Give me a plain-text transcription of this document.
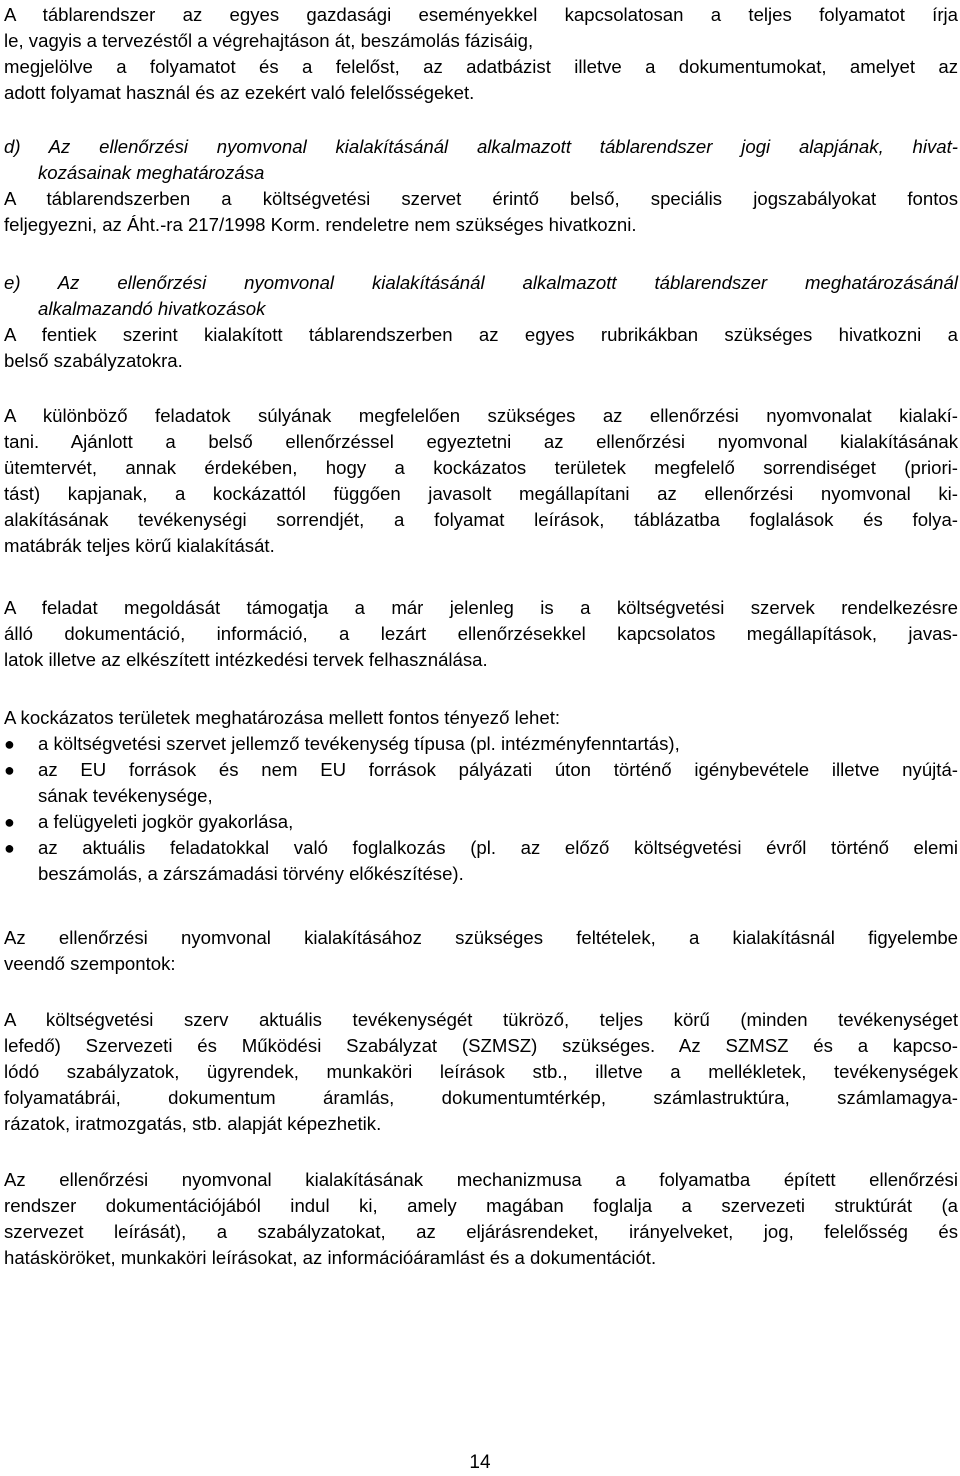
A táblarendszer az egyes gazdasági eseményekkel kapcsolatosan a teljes folyamatot írja
le, vagyis a tervezéstől a végrehajtáson át, beszámolás fázisáig,
megjelölve a folyamatot és a felelőst, az adatbázist illetve a dokumentumokat, amelyet az
adott folyamat használ és az ezekért való felelősségeket.
d) Az ellenőrzési nyomvonal kialakításánál alkalmazott táblarendszer jogi alapjának, hivat-
kozásainak meghatározása
A táblarendszerben a költségvetési szervet érintő belső, speciális jogszabályokat fontos
feljegyezni, az Áht.-ra 217/1998 Korm. rendeletre nem szükséges hivatkozni.
e) Az ellenőrzési nyomvonal kialakításánál alkalmazott táblarendszer meghatározásánál
alkalmazandó hivatkozások
A fentiek szerint kialakított táblarendszerben az egyes rubrikákban szükséges hivatkozni a
belső szabályzatokra.
A különböző feladatok súlyának megfelelően szükséges az ellenőrzési nyomvonalat kialakí-
tani. Ajánlott a belső ellenőrzéssel egyeztetni az ellenőrzési nyomvonal kialakításának
ütemtervét, annak érdekében, hogy a kockázatos területek megfelelő sorrendiséget (priori-
tást) kapjanak, a kockázattól függően javasolt megállapítani az ellenőrzési nyomvonal ki-
alakításának tevékenységi sorrendjét, a folyamat leírások, táblázatba foglalások és folya-
matábrák teljes körű kialakítását.
A feladat megoldását támogatja a már jelenleg is a költségvetési szervek rendelkezésre
álló dokumentáció, információ, a lezárt ellenőrzésekkel kapcsolatos megállapítások, javas-
latok illetve az elkészített intézkedési tervek felhasználása.
A kockázatos területek meghatározása mellett fontos tényező lehet:
●	a költségvetési szervet jellemző tevékenység típusa (pl. intézményfenntartás),
●	az EU források és nem EU források pályázati úton történő igénybevétele illetve nyújtá-
sának tevékenysége,
●	a felügyeleti jogkör gyakorlása,
●	az aktuális feladatokkal való foglalkozás (pl. az előző költségvetési évről történő elemi
beszámolás, a zárszámadási törvény előkészítése).
Az ellenőrzési nyomvonal kialakításához szükséges feltételek, a kialakításnál figyelembe
veendő szempontok:
A költségvetési szerv aktuális tevékenységét tükröző, teljes körű (minden tevékenységet
lefedő) Szervezeti és Működési Szabályzat (SZMSZ) szükséges. Az SZMSZ és a kapcso-
lódó szabályzatok, ügyrendek, munkaköri leírások stb., illetve a mellékletek, tevékenységek
folyamatábrái, dokumentum áramlás, dokumentumtérkép, számlastruktúra, számlamagya-
rázatok, iratmozgatás, stb. alapját képezhetik.
Az ellenőrzési nyomvonal kialakításának mechanizmusa a folyamatba épített ellenőrzési
rendszer dokumentációjából indul ki, amely magában foglalja a szervezeti struktúrát (a
szervezet leírását), a szabályzatokat, az eljárásrendeket, irányelveket, jog, felelősség és
hatásköröket, munkaköri leírásokat, az információáramlást és a dokumentációt.
14
